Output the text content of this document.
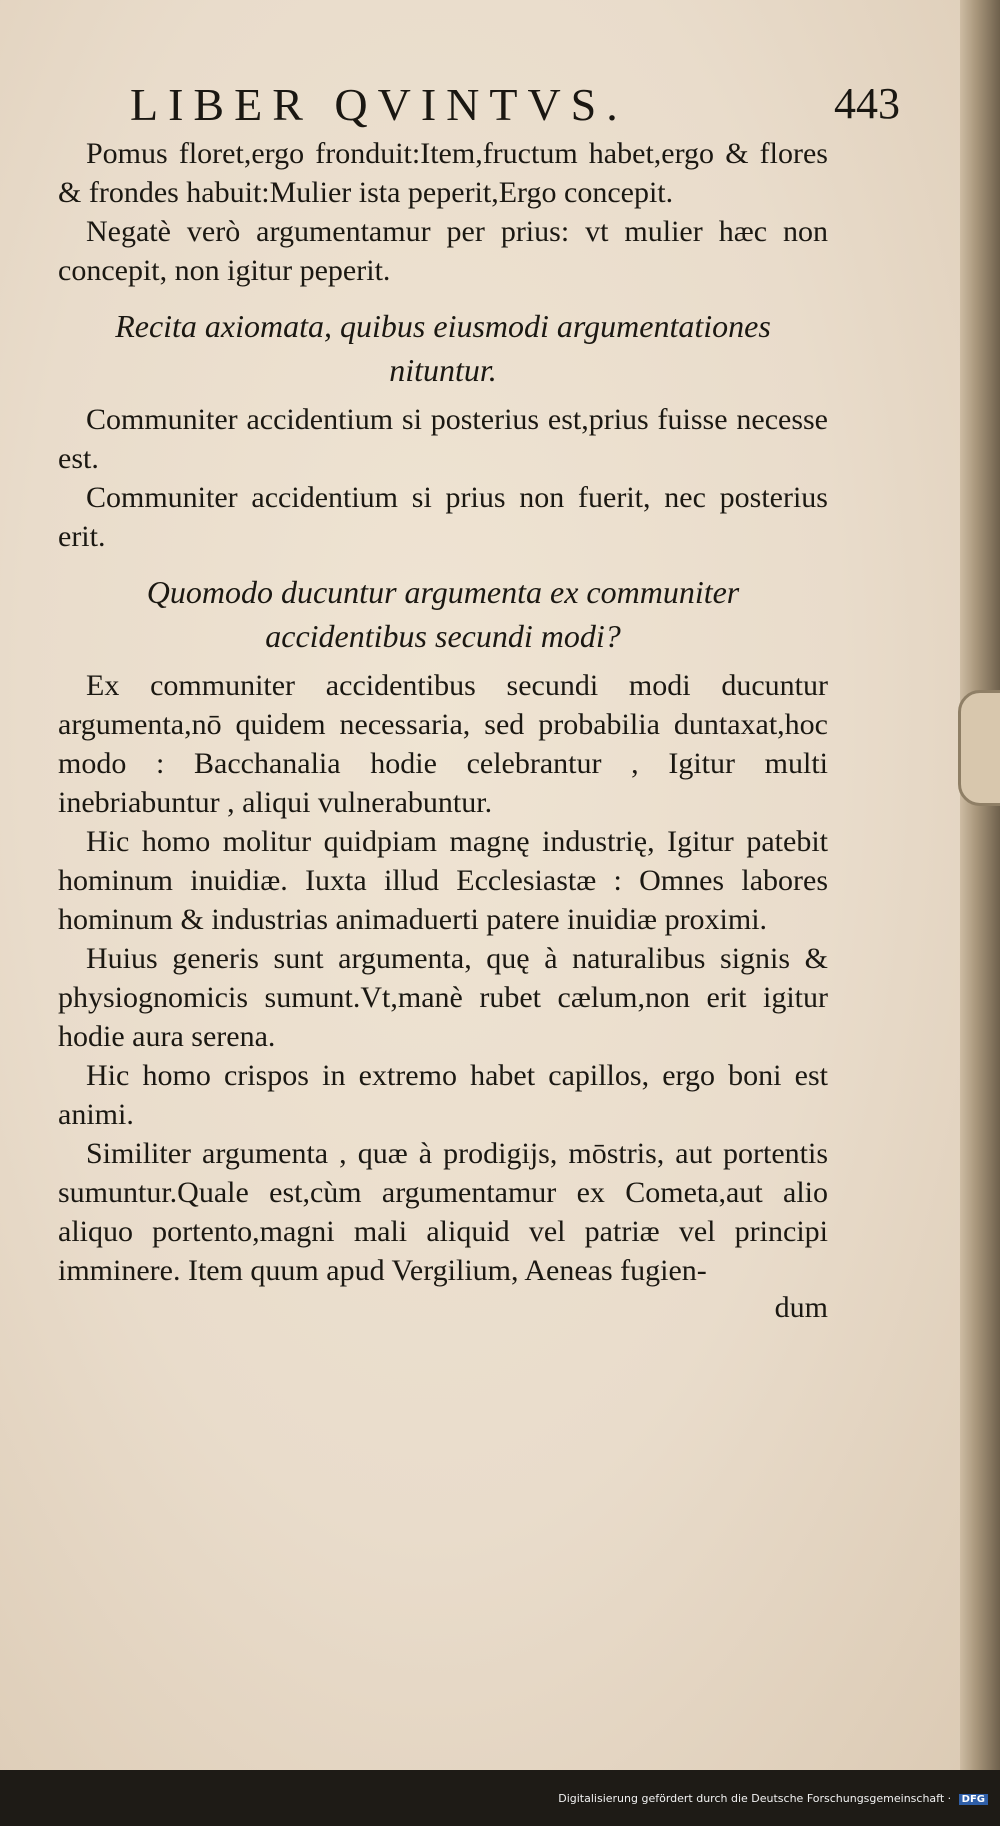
LIBER QVINTVS.	443

Pomus floret,ergo fronduit:Item,fructum habet,ergo & flores & frondes habuit:Mulier ista peperit,Ergo concepit.

Negatè verò argumentamur per prius: vt mulier hæc non concepit, non igitur peperit.

Recita axiomata, quibus eiusmodi argumentationes nituntur.

Communiter accidentium si posterius est,prius fuisse necesse est.

Communiter accidentium si prius non fuerit, nec posterius erit.

Quomodo ducuntur argumenta ex communiter accidentibus secundi modi?

Ex communiter accidentibus secundi modi ducuntur argumenta,nō quidem necessaria, sed probabilia duntaxat,hoc modo : Bacchanalia hodie celebrantur , Igitur multi inebriabuntur , aliqui vulnerabuntur.

Hic homo molitur quidpiam magnę industrię, Igitur patebit hominum inuidiæ. Iuxta illud Ecclesiastæ : Omnes labores hominum & industrias animaduerti patere inuidiæ proximi.

Huius generis sunt argumenta, quę à naturalibus signis & physiognomicis sumunt.Vt,manè rubet cælum,non erit igitur hodie aura serena.

Hic homo crispos in extremo habet capillos, ergo boni est animi.

Similiter argumenta , quæ à prodigijs, mōstris, aut portentis sumuntur.Quale est,cùm argumentamur ex Cometa,aut alio aliquo portento,magni mali aliquid vel patriæ vel principi imminere. Item quum apud Vergilium, Aeneas fugien-

dum

Digitalisierung gefördert durch die Deutsche Forschungsgemeinschaft · DFG
